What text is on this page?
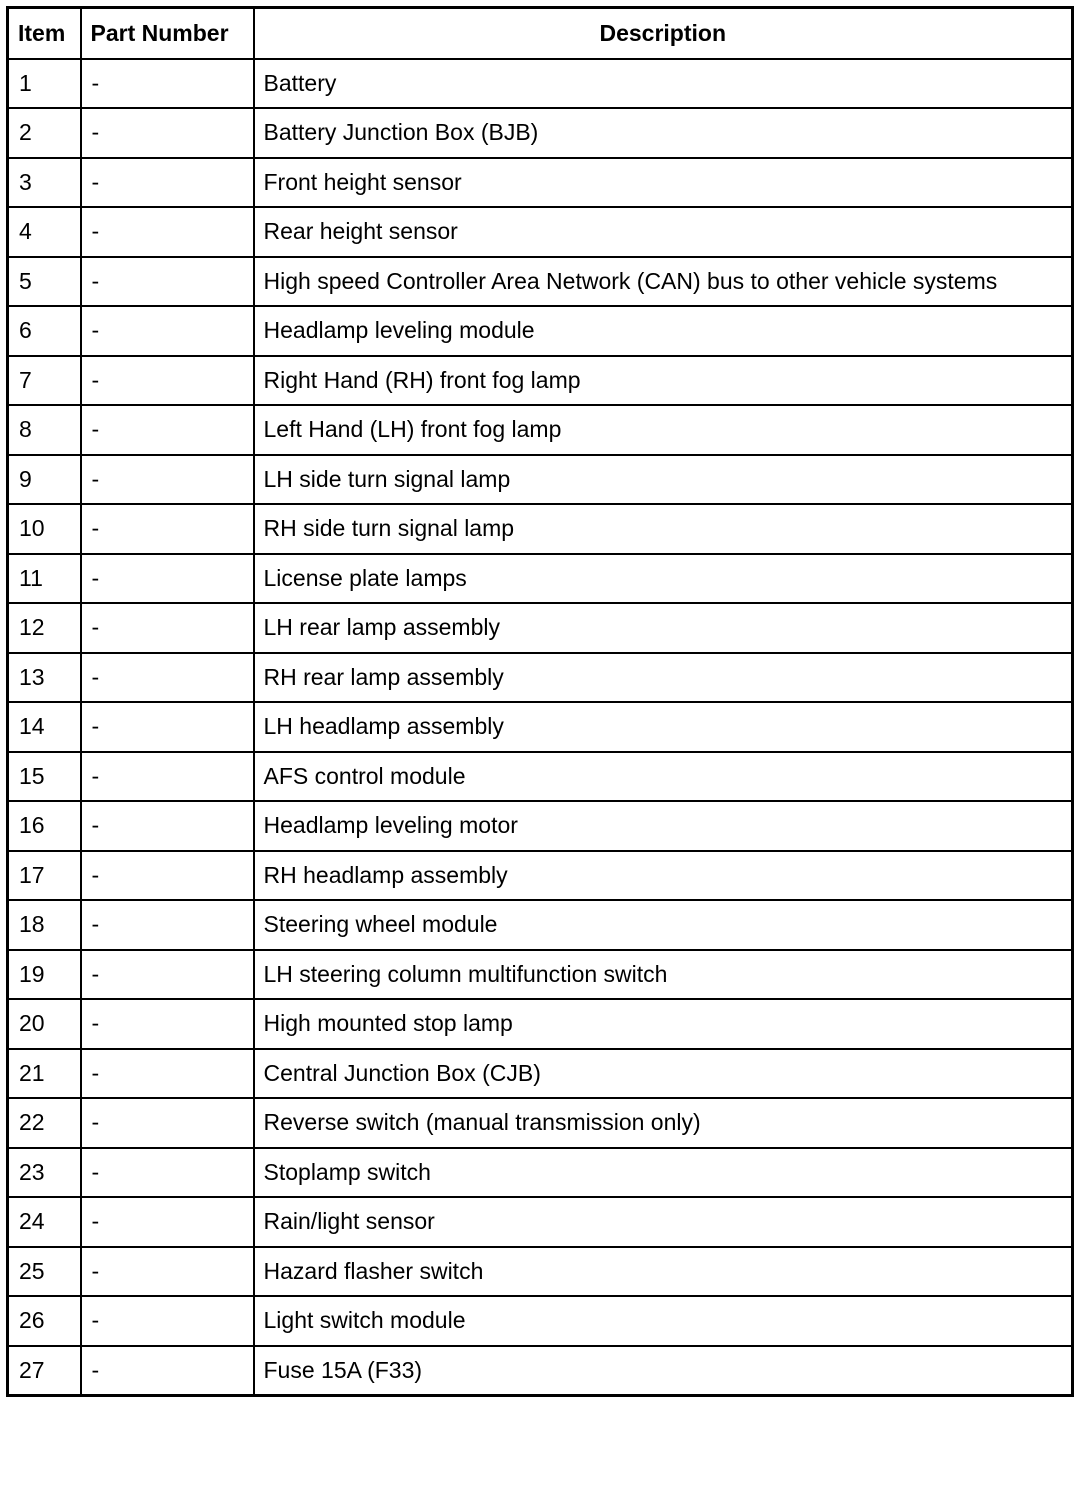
Item	Part Number	Description
1	-	Battery
2	-	Battery Junction Box (BJB)
3	-	Front height sensor
4	-	Rear height sensor
5	-	High speed Controller Area Network (CAN) bus to other vehicle systems
6	-	Headlamp leveling module
7	-	Right Hand (RH) front fog lamp
8	-	Left Hand (LH) front fog lamp
9	-	LH side turn signal lamp
10	-	RH side turn signal lamp
11	-	License plate lamps
12	-	LH rear lamp assembly
13	-	RH rear lamp assembly
14	-	LH headlamp assembly
15	-	AFS control module
16	-	Headlamp leveling motor
17	-	RH headlamp assembly
18	-	Steering wheel module
19	-	LH steering column multifunction switch
20	-	High mounted stop lamp
21	-	Central Junction Box (CJB)
22	-	Reverse switch (manual transmission only)
23	-	Stoplamp switch
24	-	Rain/light sensor
25	-	Hazard flasher switch
26	-	Light switch module
27	-	Fuse 15A (F33)
